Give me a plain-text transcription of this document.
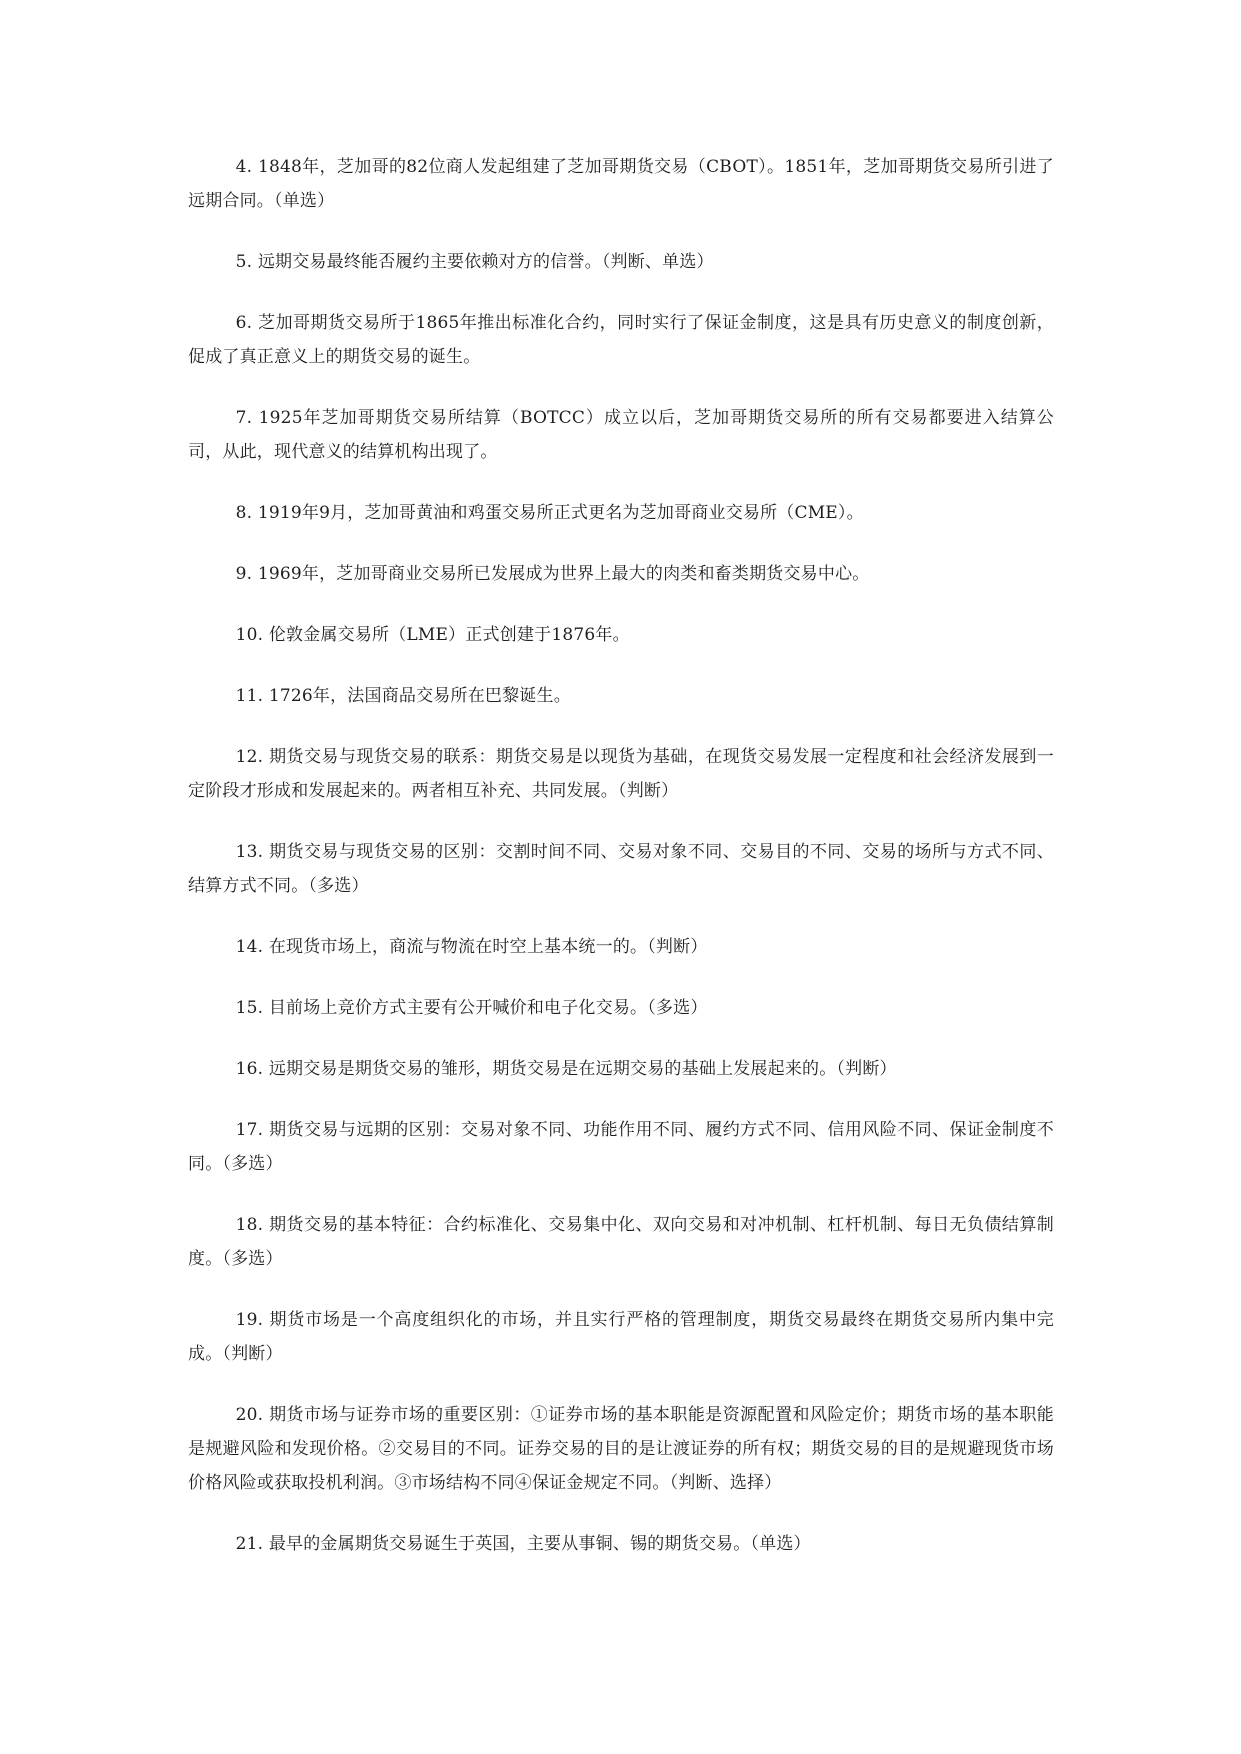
4. 1848年，芝加哥的82位商人发起组建了芝加哥期货交易（CBOT）。1851年，芝加哥期货交易所引进了远期合同。（单选）

5. 远期交易最终能否履约主要依赖对方的信誉。（判断、单选）

6. 芝加哥期货交易所于1865年推出标准化合约，同时实行了保证金制度，这是具有历史意义的制度创新，促成了真正意义上的期货交易的诞生。

7. 1925年芝加哥期货交易所结算（BOTCC）成立以后，芝加哥期货交易所的所有交易都要进入结算公司，从此，现代意义的结算机构出现了。

8. 1919年9月，芝加哥黄油和鸡蛋交易所正式更名为芝加哥商业交易所（CME）。

9. 1969年，芝加哥商业交易所已发展成为世界上最大的肉类和畜类期货交易中心。

10. 伦敦金属交易所（LME）正式创建于1876年。

11. 1726年，法国商品交易所在巴黎诞生。

12. 期货交易与现货交易的联系：期货交易是以现货为基础，在现货交易发展一定程度和社会经济发展到一定阶段才形成和发展起来的。两者相互补充、共同发展。（判断）

13. 期货交易与现货交易的区别：交割时间不同、交易对象不同、交易目的不同、交易的场所与方式不同、结算方式不同。（多选）

14. 在现货市场上，商流与物流在时空上基本统一的。（判断）

15. 目前场上竞价方式主要有公开喊价和电子化交易。（多选）

16. 远期交易是期货交易的雏形，期货交易是在远期交易的基础上发展起来的。（判断）

17. 期货交易与远期的区别：交易对象不同、功能作用不同、履约方式不同、信用风险不同、保证金制度不同。（多选）

18. 期货交易的基本特征：合约标准化、交易集中化、双向交易和对冲机制、杠杆机制、每日无负债结算制度。（多选）

19. 期货市场是一个高度组织化的市场，并且实行严格的管理制度，期货交易最终在期货交易所内集中完成。（判断）

20. 期货市场与证券市场的重要区别：①证券市场的基本职能是资源配置和风险定价；期货市场的基本职能是规避风险和发现价格。②交易目的不同。证券交易的目的是让渡证券的所有权；期货交易的目的是规避现货市场价格风险或获取投机利润。③市场结构不同④保证金规定不同。（判断、选择）

21. 最早的金属期货交易诞生于英国，主要从事铜、锡的期货交易。（单选）
